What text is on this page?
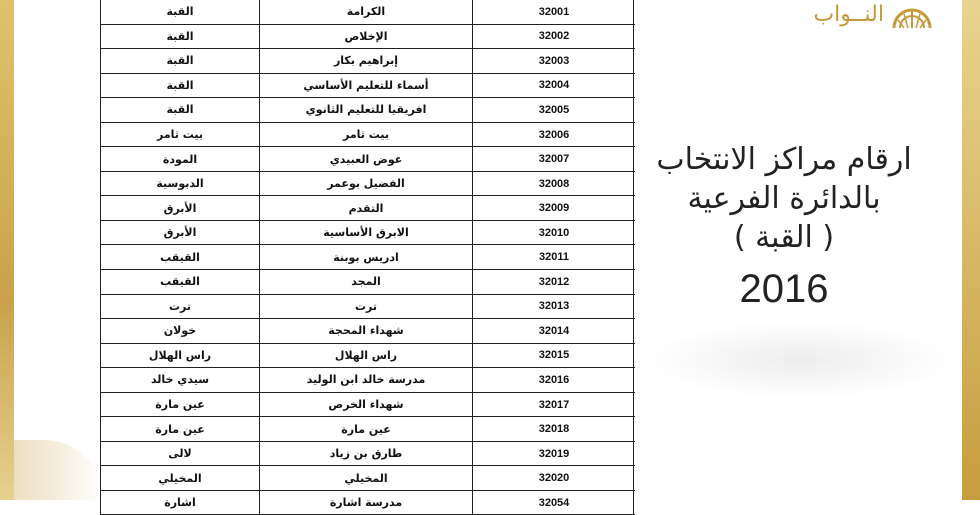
النــواب
القبة	الكرامة	32001
القبة	الإخلاص	32002
القبة	إبراهيم بكار	32003
القبة	أسماء للتعليم الأساسي	32004
القبة	افريقيا للتعليم الثانوي	32005
بيت ثامر	بيت ثامر	32006
المودة	عوض العبيدي	32007
الدبوسية	الفضيل بوعمر	32008
الأبرق	التقدم	32009
الأبرق	الابرق الأساسية	32010
القيقب	ادريس بوبنة	32011
القيقب	المجد	32012
ترت	ترت	32013
خولان	شهداء المحجة	32014
راس الهلال	راس الهلال	32015
سيدي خالد	مدرسة خالد ابن الوليد	32016
عين مارة	شهداء الخرص	32017
عين مارة	عين مارة	32018
لالى	طارق بن زياد	32019
المخيلي	المخيلي	32020
اشارة	مدرسة اشارة	32054
ارقام مراكز الانتخاب
بالدائرة الفرعية
( القبة )
2016
